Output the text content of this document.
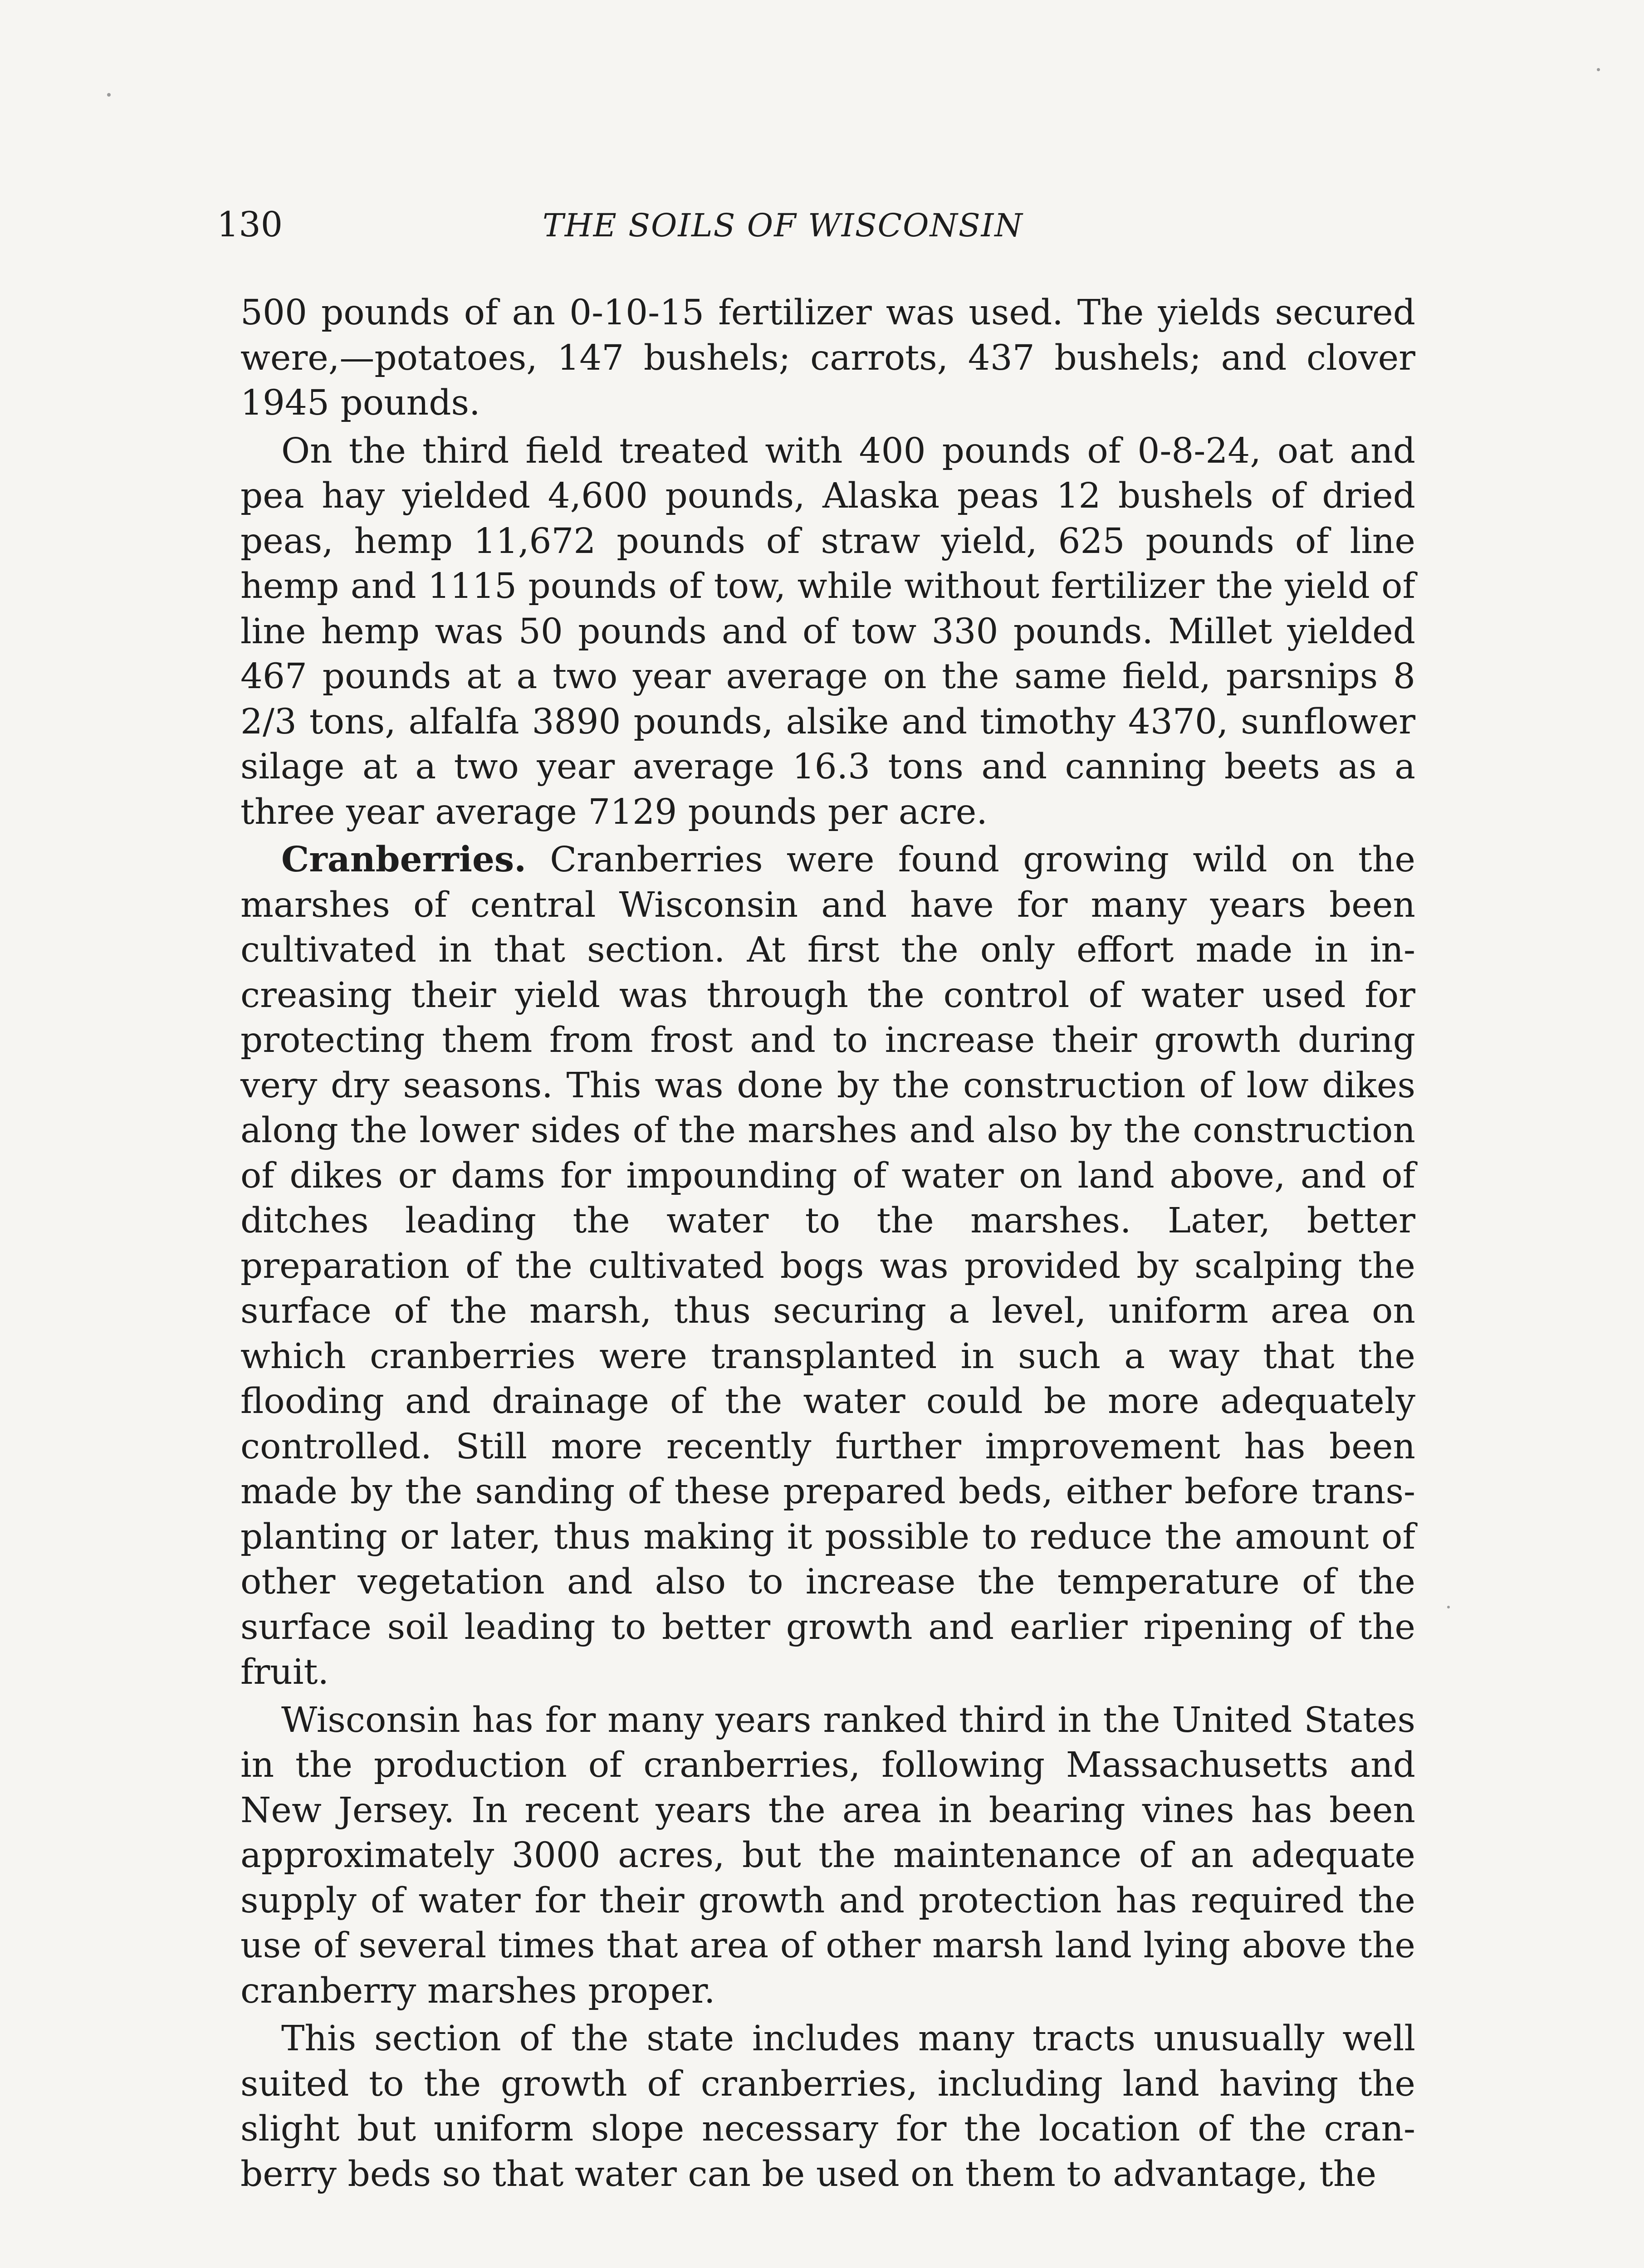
130	THE SOILS OF WISCONSIN

500 pounds of an 0-10-15 fertilizer was used. The yields secured were,—potatoes, 147 bushels; carrots, 437 bushels; and clover 1945 pounds.

On the third field treated with 400 pounds of 0-8-24, oat and pea hay yielded 4,600 pounds, Alaska peas 12 bushels of dried peas, hemp 11,672 pounds of straw yield, 625 pounds of line hemp and 1115 pounds of tow, while without fertilizer the yield of line hemp was 50 pounds and of tow 330 pounds. Millet yielded 467 pounds at a two year average on the same field, parsnips 8 2/3 tons, alfalfa 3890 pounds, alsike and timothy 4370, sunflower silage at a two year average 16.3 tons and canning beets as a three year average 7129 pounds per acre.

Cranberries. Cranberries were found growing wild on the marshes of central Wisconsin and have for many years been cultivated in that section. At first the only effort made in increasing their yield was through the control of water used for protecting them from frost and to increase their growth during very dry seasons. This was done by the construction of low dikes along the lower sides of the marshes and also by the construction of dikes or dams for impounding of water on land above, and of ditches leading the water to the marshes. Later, better preparation of the cultivated bogs was provided by scalping the surface of the marsh, thus securing a level, uniform area on which cranberries were transplanted in such a way that the flooding and drainage of the water could be more adequately controlled. Still more recently further improvement has been made by the sanding of these prepared beds, either before transplanting or later, thus making it possible to reduce the amount of other vegetation and also to increase the temperature of the surface soil leading to better growth and earlier ripening of the fruit.

Wisconsin has for many years ranked third in the United States in the production of cranberries, following Massachusetts and New Jersey. In recent years the area in bearing vines has been approximately 3000 acres, but the maintenance of an adequate supply of water for their growth and protection has required the use of several times that area of other marsh land lying above the cranberry marshes proper.

This section of the state includes many tracts unusually well suited to the growth of cranberries, including land having the slight but uniform slope necessary for the location of the cranberry beds so that water can be used on them to advantage, the
